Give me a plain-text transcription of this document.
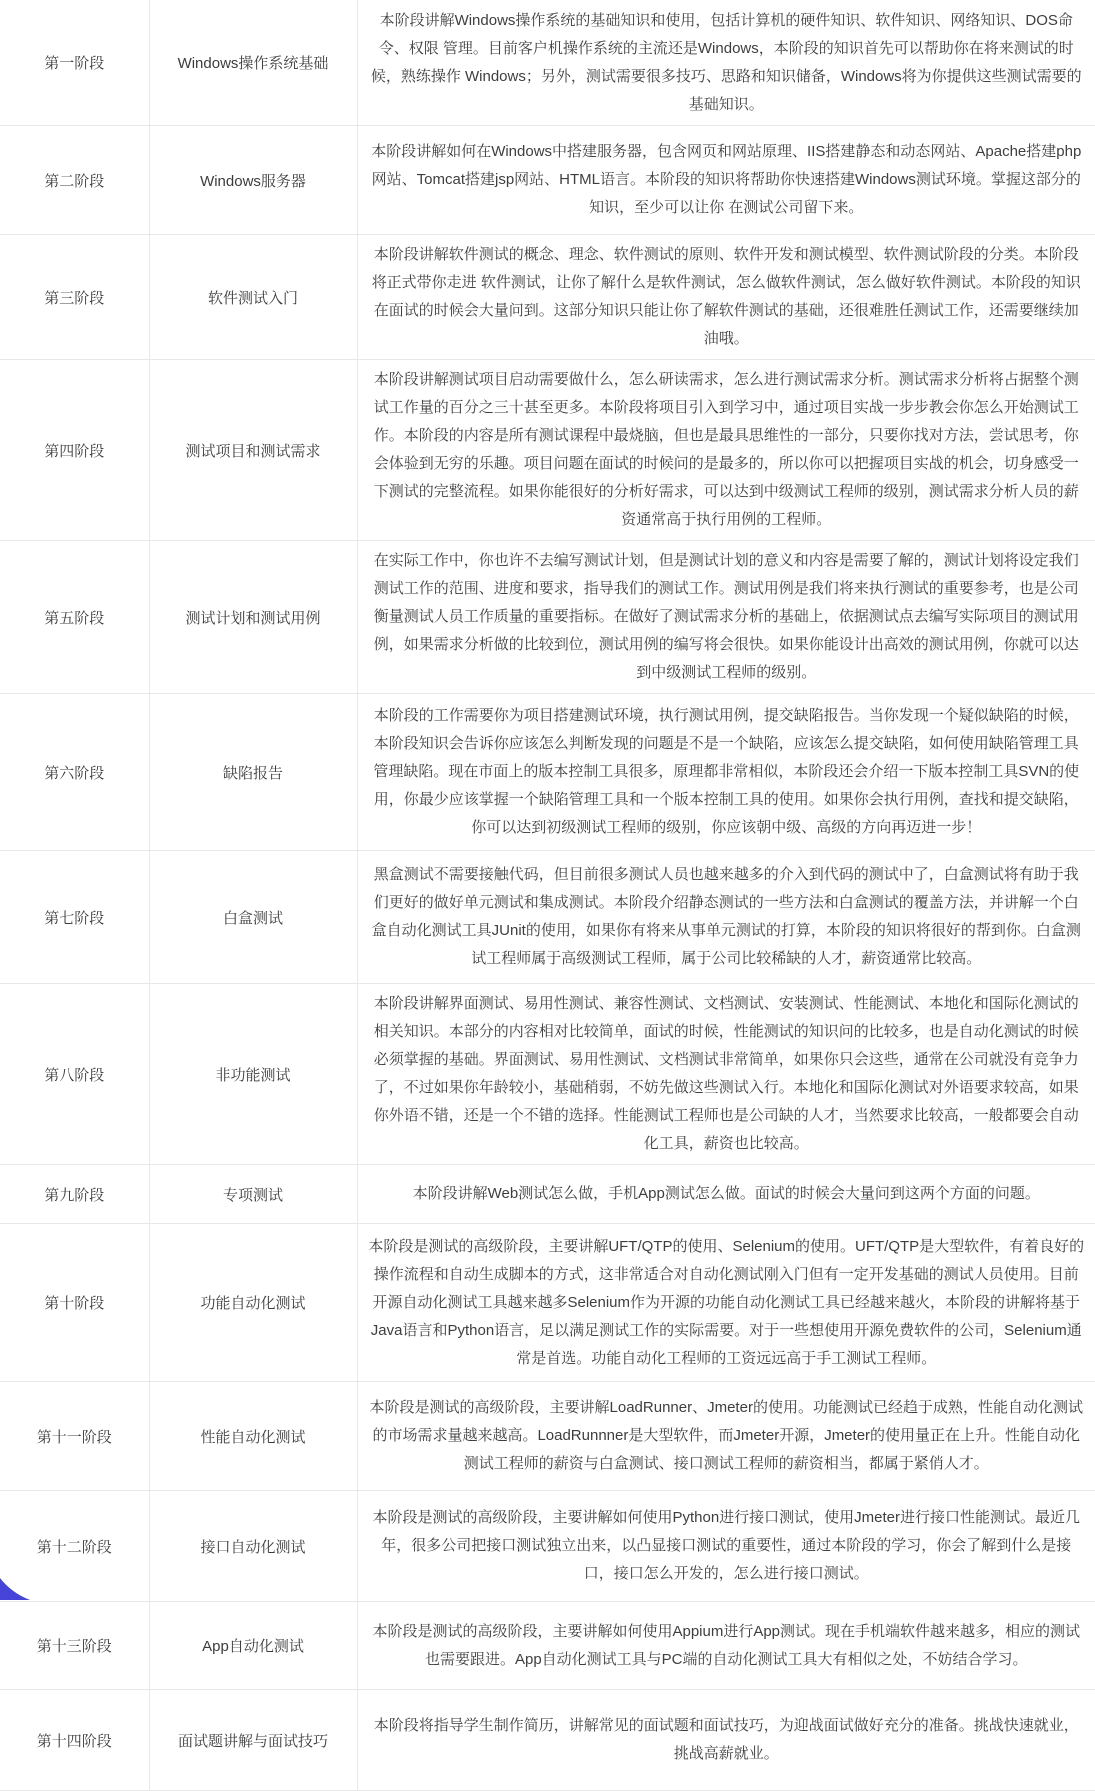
第一阶段	Windows操作系统基础	本阶段讲解Windows操作系统的基础知识和使用，包括计算机的硬件知识、软件知识、网络知识、DOS命令、权限 管理。目前客户机操作系统的主流还是Windows，本阶段的知识首先可以帮助你在将来测试的时候，熟练操作 Windows；另外，测试需要很多技巧、思路和知识储备，Windows将为你提供这些测试需要的基础知识。
第二阶段	Windows服务器	本阶段讲解如何在Windows中搭建服务器，包含网页和网站原理、IIS搭建静态和动态网站、Apache搭建php网站、Tomcat搭建jsp网站、HTML语言。本阶段的知识将帮助你快速搭建Windows测试环境。掌握这部分的知识，至少可以让你 在测试公司留下来。
第三阶段	软件测试入门	本阶段讲解软件测试的概念、理念、软件测试的原则、软件开发和测试模型、软件测试阶段的分类。本阶段将正式带你走进 软件测试，让你了解什么是软件测试，怎么做软件测试，怎么做好软件测试。本阶段的知识在面试的时候会大量问到。这部分知识只能让你了解软件测试的基础，还很难胜任测试工作，还需要继续加油哦。
第四阶段	测试项目和测试需求	本阶段讲解测试项目启动需要做什么，怎么研读需求，怎么进行测试需求分析。测试需求分析将占据整个测试工作量的百分之三十甚至更多。本阶段将项目引入到学习中，通过项目实战一步步教会你怎么开始测试工作。本阶段的内容是所有测试课程中最烧脑，但也是最具思维性的一部分，只要你找对方法，尝试思考，你会体验到无穷的乐趣。项目问题在面试的时候问的是最多的，所以你可以把握项目实战的机会，切身感受一下测试的完整流程。如果你能很好的分析好需求，可以达到中级测试工程师的级别，测试需求分析人员的薪资通常高于执行用例的工程师。
第五阶段	测试计划和测试用例	在实际工作中，你也许不去编写测试计划，但是测试计划的意义和内容是需要了解的，测试计划将设定我们测试工作的范围、进度和要求，指导我们的测试工作。测试用例是我们将来执行测试的重要参考，也是公司衡量测试人员工作质量的重要指标。在做好了测试需求分析的基础上，依据测试点去编写实际项目的测试用例，如果需求分析做的比较到位，测试用例的编写将会很快。如果你能设计出高效的测试用例，你就可以达到中级测试工程师的级别。
第六阶段	缺陷报告	本阶段的工作需要你为项目搭建测试环境，执行测试用例，提交缺陷报告。当你发现一个疑似缺陷的时候，本阶段知识会告诉你应该怎么判断发现的问题是不是一个缺陷，应该怎么提交缺陷，如何使用缺陷管理工具管理缺陷。现在市面上的版本控制工具很多，原理都非常相似，本阶段还会介绍一下版本控制工具SVN的使用，你最少应该掌握一个缺陷管理工具和一个版本控制工具的使用。如果你会执行用例，查找和提交缺陷，你可以达到初级测试工程师的级别，你应该朝中级、高级的方向再迈进一步！
第七阶段	白盒测试	黑盒测试不需要接触代码，但目前很多测试人员也越来越多的介入到代码的测试中了，白盒测试将有助于我们更好的做好单元测试和集成测试。本阶段介绍静态测试的一些方法和白盒测试的覆盖方法，并讲解一个白盒自动化测试工具JUnit的使用，如果你有将来从事单元测试的打算，本阶段的知识将很好的帮到你。白盒测试工程师属于高级测试工程师，属于公司比较稀缺的人才，薪资通常比较高。
第八阶段	非功能测试	本阶段讲解界面测试、易用性测试、兼容性测试、文档测试、安装测试、性能测试、本地化和国际化测试的相关知识。本部分的内容相对比较简单，面试的时候，性能测试的知识问的比较多，也是自动化测试的时候必须掌握的基础。界面测试、易用性测试、文档测试非常简单，如果你只会这些，通常在公司就没有竞争力了，不过如果你年龄较小，基础稍弱，不妨先做这些测试入行。本地化和国际化测试对外语要求较高，如果你外语不错，还是一个不错的选择。性能测试工程师也是公司缺的人才，当然要求比较高，一般都要会自动化工具，薪资也比较高。
第九阶段	专项测试	本阶段讲解Web测试怎么做，手机App测试怎么做。面试的时候会大量问到这两个方面的问题。
第十阶段	功能自动化测试	本阶段是测试的高级阶段，主要讲解UFT/QTP的使用、Selenium的使用。UFT/QTP是大型软件，有着良好的操作流程和自动生成脚本的方式，这非常适合对自动化测试刚入门但有一定开发基础的测试人员使用。目前开源自动化测试工具越来越多Selenium作为开源的功能自动化测试工具已经越来越火，本阶段的讲解将基于Java语言和Python语言，足以满足测试工作的实际需要。对于一些想使用开源免费软件的公司，Selenium通常是首选。功能自动化工程师的工资远远高于手工测试工程师。
第十一阶段	性能自动化测试	本阶段是测试的高级阶段，主要讲解LoadRunner、Jmeter的使用。功能测试已经趋于成熟，性能自动化测试的市场需求量越来越高。LoadRunnner是大型软件，而Jmeter开源，Jmeter的使用量正在上升。性能自动化测试工程师的薪资与白盒测试、接口测试工程师的薪资相当，都属于紧俏人才。
第十二阶段	接口自动化测试	本阶段是测试的高级阶段，主要讲解如何使用Python进行接口测试，使用Jmeter进行接口性能测试。最近几年，很多公司把接口测试独立出来，以凸显接口测试的重要性，通过本阶段的学习，你会了解到什么是接口，接口怎么开发的，怎么进行接口测试。
第十三阶段	App自动化测试	本阶段是测试的高级阶段，主要讲解如何使用Appium进行App测试。现在手机端软件越来越多，相应的测试也需要跟进。App自动化测试工具与PC端的自动化测试工具大有相似之处，不妨结合学习。
第十四阶段	面试题讲解与面试技巧	本阶段将指导学生制作简历，讲解常见的面试题和面试技巧，为迎战面试做好充分的准备。挑战快速就业，挑战高薪就业。
